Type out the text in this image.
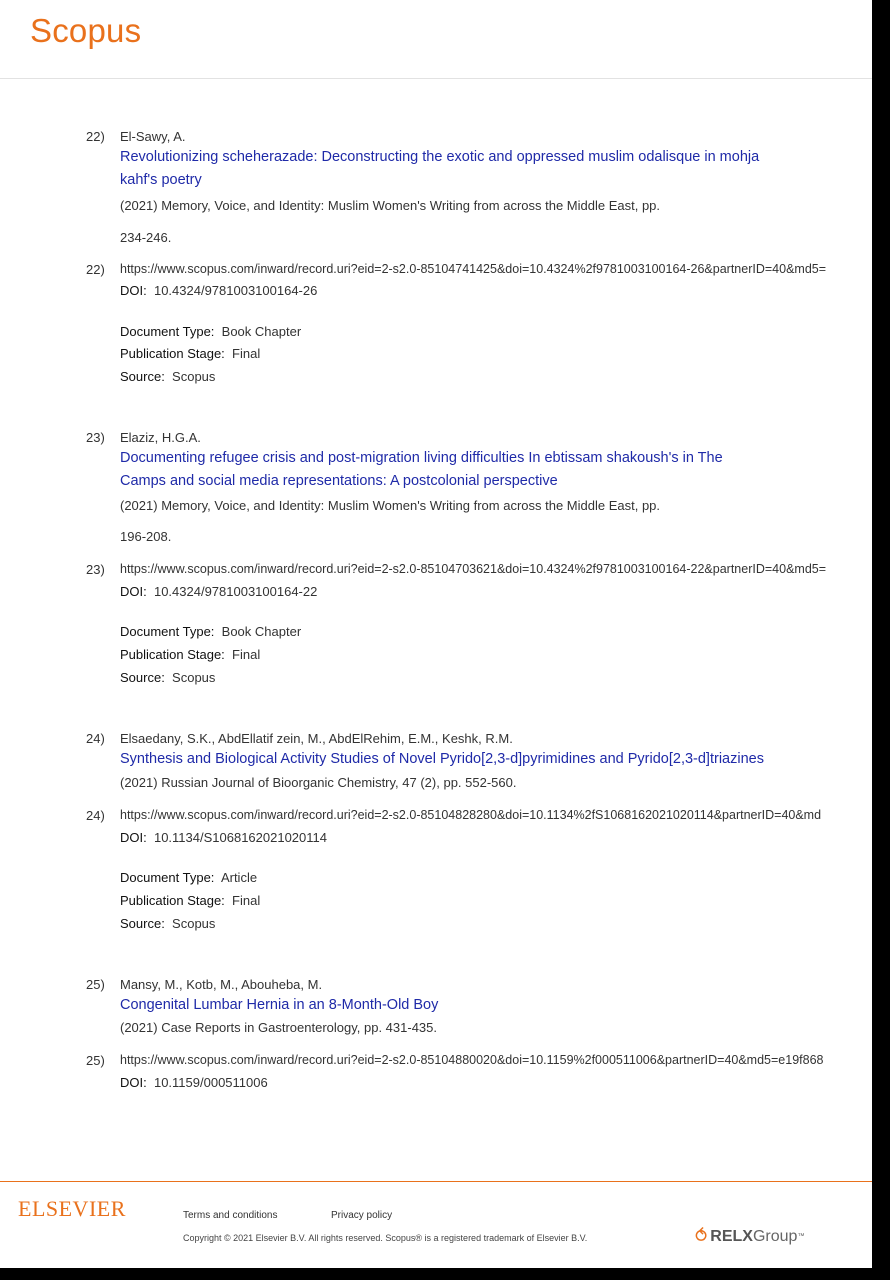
Scopus
22) El-Sawy, A.
Revolutionizing scheherazade: Deconstructing the exotic and oppressed muslim odalisque in mohja
kahf's poetry
(2021) Memory, Voice, and Identity: Muslim Women's Writing from across the Middle East, pp.
234-246.
22) https://www.scopus.com/inward/record.uri?eid=2-s2.0-85104741425&doi=10.4324%2f9781003100164-26&partnerID=40&md5=
DOI: 10.4324/9781003100164-26
Document Type: Book Chapter
Publication Stage: Final
Source: Scopus
23) Elaziz, H.G.A.
Documenting refugee crisis and post-migration living difficulties In ebtissam shakoush's in The
Camps and social media representations: A postcolonial perspective
(2021) Memory, Voice, and Identity: Muslim Women's Writing from across the Middle East, pp.
196-208.
23) https://www.scopus.com/inward/record.uri?eid=2-s2.0-85104703621&doi=10.4324%2f9781003100164-22&partnerID=40&md5=
DOI: 10.4324/9781003100164-22
Document Type: Book Chapter
Publication Stage: Final
Source: Scopus
24) Elsaedany, S.K., AbdEllatif zein, M., AbdElRehim, E.M., Keshk, R.M.
Synthesis and Biological Activity Studies of Novel Pyrido[2,3-d]pyrimidines and Pyrido[2,3-d]triazines
(2021) Russian Journal of Bioorganic Chemistry, 47 (2), pp. 552-560.
24) https://www.scopus.com/inward/record.uri?eid=2-s2.0-85104828280&doi=10.1134%2fS1068162021020114&partnerID=40&md
DOI: 10.1134/S1068162021020114
Document Type: Article
Publication Stage: Final
Source: Scopus
25) Mansy, M., Kotb, M., Abouheba, M.
Congenital Lumbar Hernia in an 8-Month-Old Boy
(2021) Case Reports in Gastroenterology, pp. 431-435.
25) https://www.scopus.com/inward/record.uri?eid=2-s2.0-85104880020&doi=10.1159%2f000511006&partnerID=40&md5=e19f868
DOI: 10.1159/000511006
ELSEVIER	Terms and conditions	Privacy policy
Copyright © 2021 Elsevier B.V. All rights reserved. Scopus® is a registered trademark of Elsevier B.V.	⥀ RELX Group ™
